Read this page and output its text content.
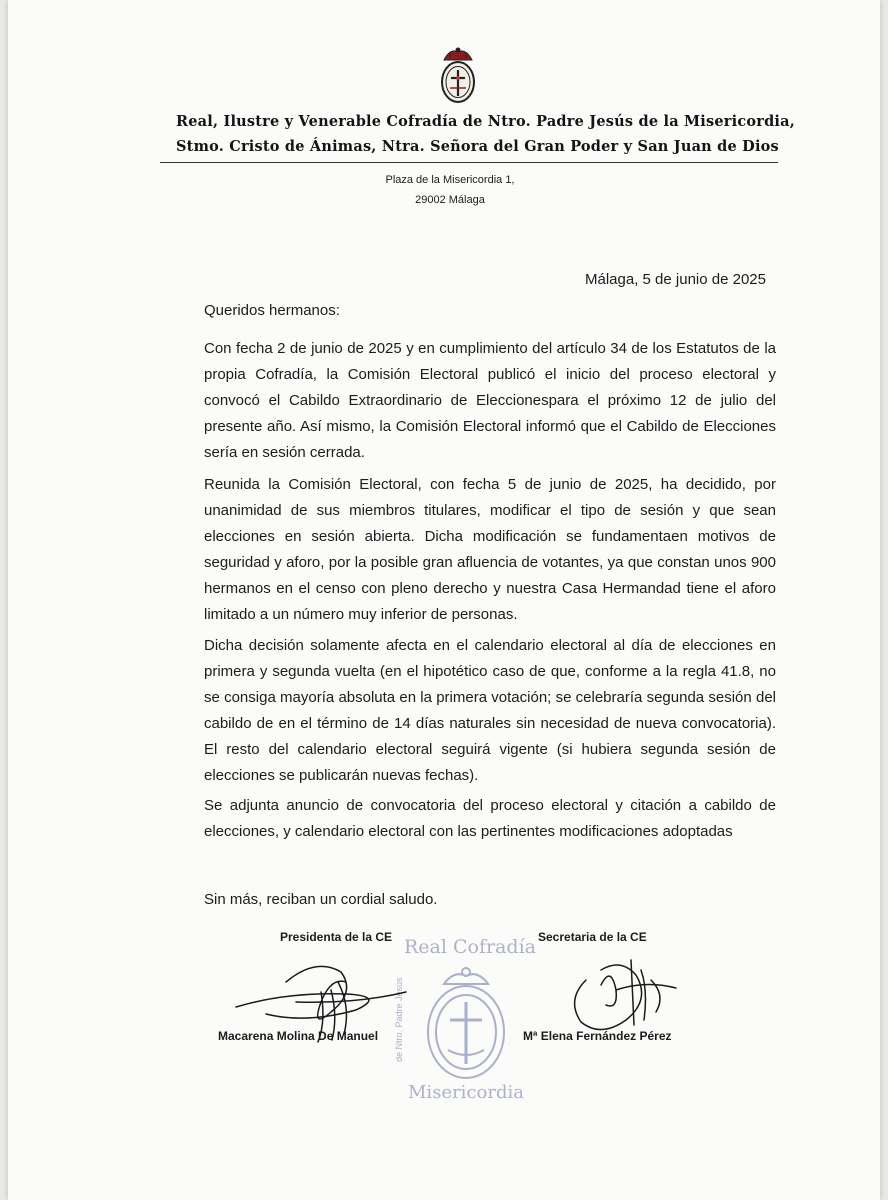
Real, Ilustre y Venerable Cofradía de Ntro. Padre Jesús de la Misericordia,
Stmo. Cristo de Ánimas, Ntra. Señora del Gran Poder y San Juan de Dios
Plaza de la Misericordia 1,
29002 Málaga
Málaga, 5 de junio de 2025
Queridos hermanos:

Con fecha 2 de junio de 2025 y en cumplimiento del artículo 34 de los Estatutos de la propia Cofradía, la Comisión Electoral publicó el inicio del proceso electoral y convocó el Cabildo Extraordinario de Eleccionespara el próximo 12 de julio del presente año. Así mismo, la Comisión Electoral informó que el Cabildo de Elecciones sería en sesión cerrada.

Reunida la Comisión Electoral, con fecha 5 de junio de 2025, ha decidido, por unanimidad de sus miembros titulares, modificar el tipo de sesión y que sean elecciones en sesión abierta. Dicha modificación se fundamentaen motivos de seguridad y aforo, por la posible gran afluencia de votantes, ya que constan unos 900 hermanos en el censo con pleno derecho y nuestra Casa Hermandad tiene el aforo limitado a un número muy inferior de personas.

Dicha decisión solamente afecta en el calendario electoral al día de elecciones en primera y segunda vuelta (en el hipotético caso de que, conforme a la regla 41.8, no se consiga mayoría absoluta en la primera votación; se celebraría segunda sesión del cabildo de en el término de 14 días naturales sin necesidad de nueva convocatoria). El resto del calendario electoral seguirá vigente (si hubiera segunda sesión de elecciones se publicarán nuevas fechas).

Se adjunta anuncio de convocatoria del proceso electoral y citación a cabildo de elecciones, y calendario electoral con las pertinentes modificaciones adoptadas

Sin más, reciban un cordial saludo.
de Ntro. Padre Jesús
Real Cofradía
Misericordia
Presidenta de la CE	Secretaria de la CE
Macarena Molina De Manuel	Mª Elena Fernández Pérez
